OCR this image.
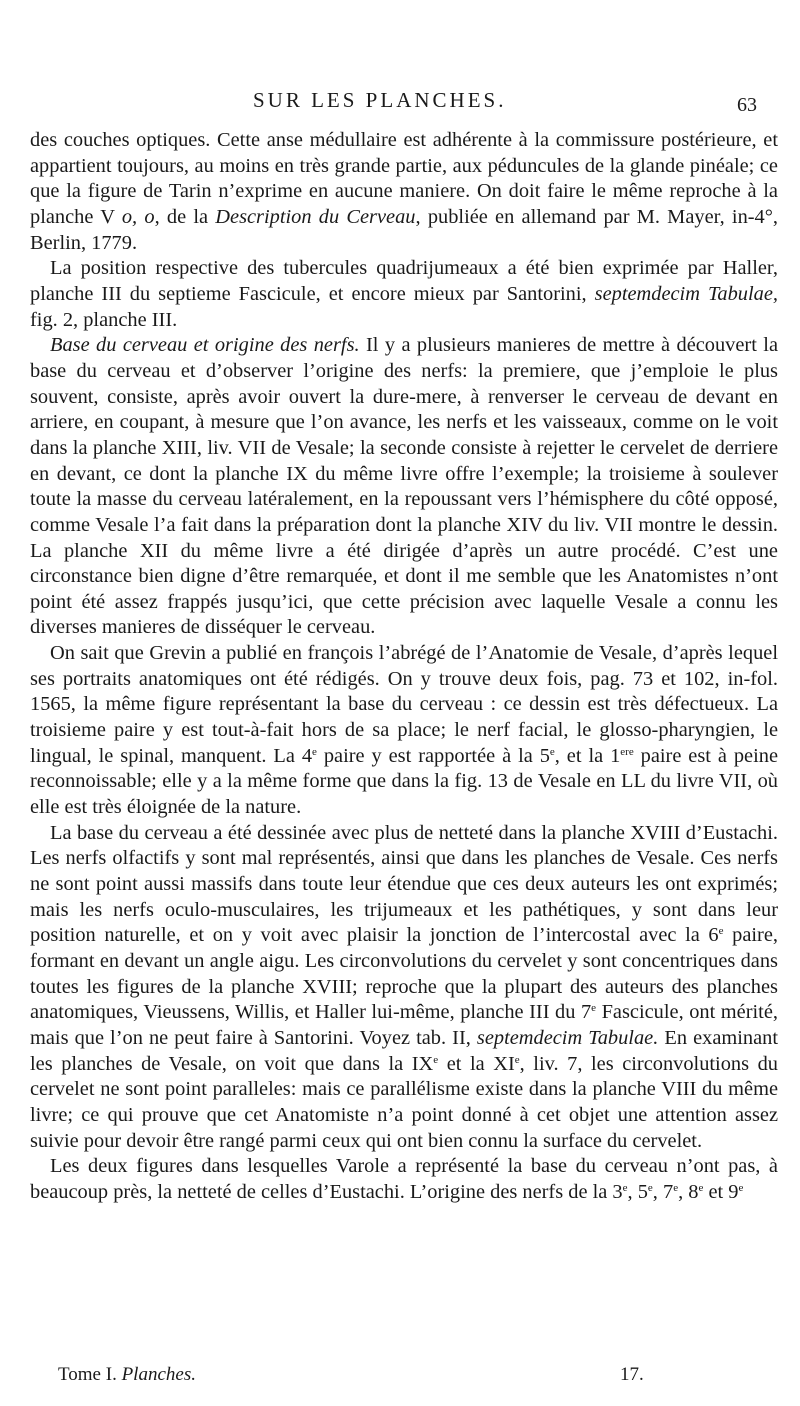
SUR LES PLANCHES.	63

des couches optiques. Cette anse médullaire est adhérente à la commissure postérieure, et appartient toujours, au moins en très grande partie, aux péduncules de la glande pinéale; ce que la figure de Tarin n’exprime en aucune maniere. On doit faire le même reproche à la planche V o, o, de la Description du Cerveau, publiée en allemand par M. Mayer, in-4°, Berlin, 1779.

La position respective des tubercules quadrijumeaux a été bien exprimée par Haller, planche III du septieme Fascicule, et encore mieux par Santorini, septemdecim Tabulae, fig. 2, planche III.

Base du cerveau et origine des nerfs. Il y a plusieurs manieres de mettre à découvert la base du cerveau et d’observer l’origine des nerfs: la premiere, que j’emploie le plus souvent, consiste, après avoir ouvert la dure-mere, à renverser le cerveau de devant en arriere, en coupant, à mesure que l’on avance, les nerfs et les vaisseaux, comme on le voit dans la planche XIII, liv. VII de Vesale; la seconde consiste à rejetter le cervelet de derriere en devant, ce dont la planche IX du même livre offre l’exemple; la troisieme à soulever toute la masse du cerveau latéralement, en la repoussant vers l’hémisphere du côté opposé, comme Vesale l’a fait dans la préparation dont la planche XIV du liv. VII montre le dessin. La planche XII du même livre a été dirigée d’après un autre procédé. C’est une circonstance bien digne d’être remarquée, et dont il me semble que les Anatomistes n’ont point été assez frappés jusqu’ici, que cette précision avec laquelle Vesale a connu les diverses manieres de disséquer le cerveau.

On sait que Grevin a publié en françois l’abrégé de l’Anatomie de Vesale, d’après lequel ses portraits anatomiques ont été rédigés. On y trouve deux fois, pag. 73 et 102, in-fol. 1565, la même figure représentant la base du cerveau : ce dessin est très défectueux. La troisieme paire y est tout-à-fait hors de sa place; le nerf facial, le glosso-pharyngien, le lingual, le spinal, manquent. La 4e paire y est rapportée à la 5e, et la 1ere paire est à peine reconnoissable; elle y a la même forme que dans la fig. 13 de Vesale en LL du livre VII, où elle est très éloignée de la nature.

La base du cerveau a été dessinée avec plus de netteté dans la planche XVIII d’Eustachi. Les nerfs olfactifs y sont mal représentés, ainsi que dans les planches de Vesale. Ces nerfs ne sont point aussi massifs dans toute leur étendue que ces deux auteurs les ont exprimés; mais les nerfs oculo-musculaires, les trijumeaux et les pathétiques, y sont dans leur position naturelle, et on y voit avec plaisir la jonction de l’intercostal avec la 6e paire, formant en devant un angle aigu. Les circonvolutions du cervelet y sont concentriques dans toutes les figures de la planche XVIII; reproche que la plupart des auteurs des planches anatomiques, Vieussens, Willis, et Haller lui-même, planche III du 7e Fascicule, ont mérité, mais que l’on ne peut faire à Santorini. Voyez tab. II, septemdecim Tabulae. En examinant les planches de Vesale, on voit que dans la IXe et la XIe, liv. 7, les circonvolutions du cervelet ne sont point paralleles: mais ce parallélisme existe dans la planche VIII du même livre; ce qui prouve que cet Anatomiste n’a point donné à cet objet une attention assez suivie pour devoir être rangé parmi ceux qui ont bien connu la surface du cervelet.

Les deux figures dans lesquelles Varole a représenté la base du cerveau n’ont pas, à beaucoup près, la netteté de celles d’Eustachi. L’origine des nerfs de la 3e, 5e, 7e, 8e et 9e

Tome I. Planches.	17.
